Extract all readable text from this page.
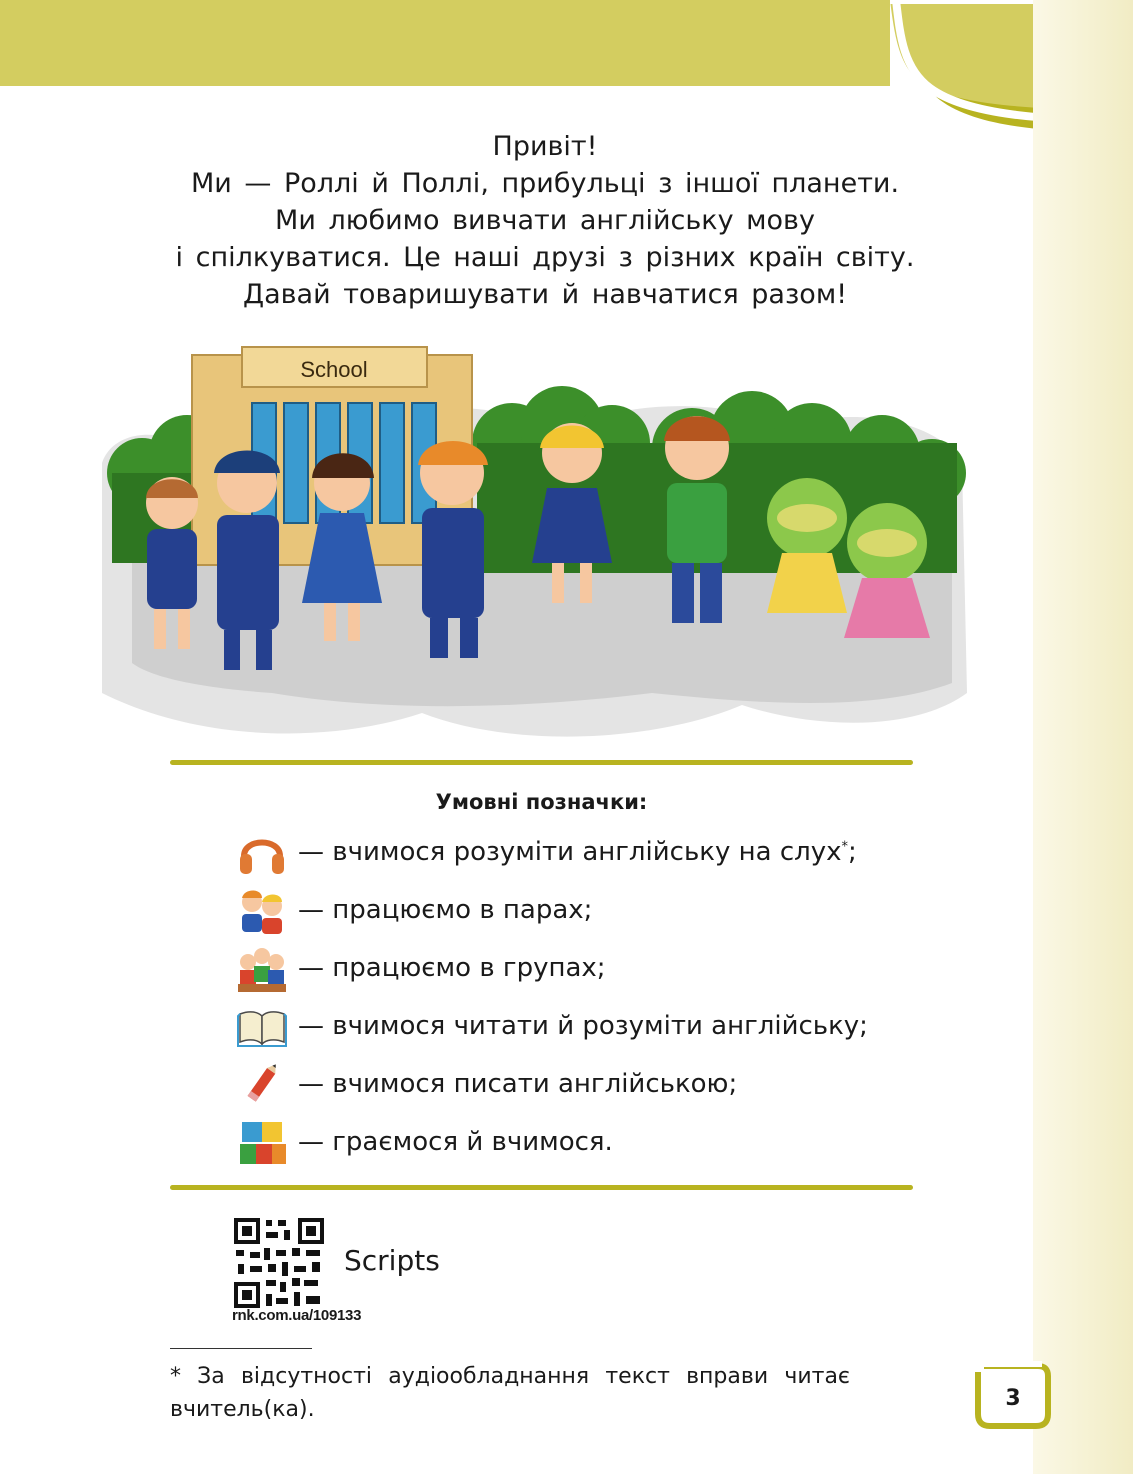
Привіт!
Ми — Роллі й Поллі, прибульці з іншої планети.
Ми любимо вивчати англійську мову
і спілкуватися. Це наші друзі з різних країн світу.
Давай товаришувати й навчатися разом!
School
Умовні позначки:
— вчимося розуміти англійську на слух*;
— працюємо в парах;
— працюємо в групах;
— вчимося читати й розуміти англійську;
— вчимося писати англійською;
— граємося й вчимося.
Scripts
rnk.com.ua/109133
* За відсутності аудіообладнання текст вправи читає вчитель(ка).	3
